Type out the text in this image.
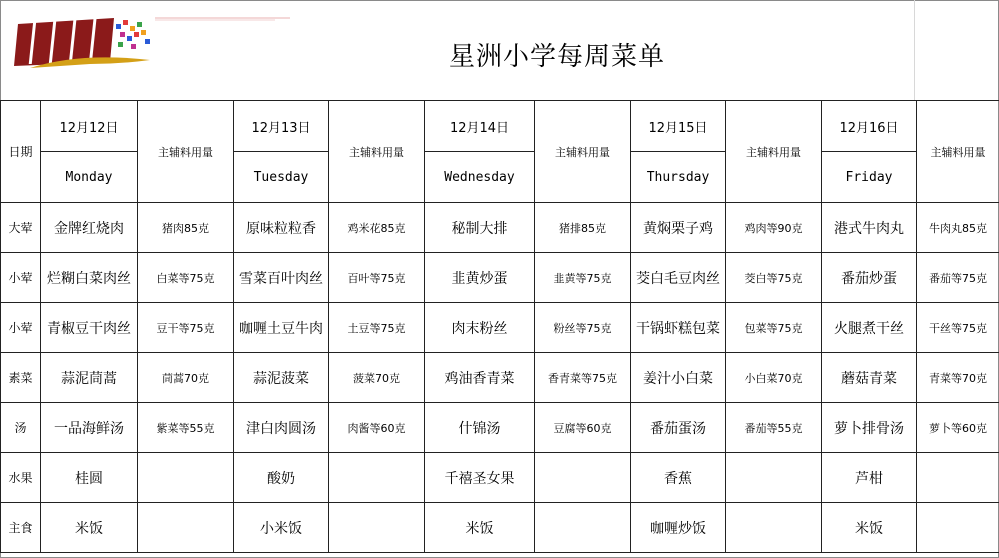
星洲小学每周菜单
日期	12月12日	主辅料用量	12月13日	主辅料用量	12月14日	主辅料用量	12月15日	主辅料用量	12月16日	主辅料用量
	Monday		Tuesday		Wednesday		Thursday		Friday	
大荤	金牌红烧肉	猪肉85克	原味粒粒香	鸡米花85克	秘制大排	猪排85克	黄焖栗子鸡	鸡肉等90克	港式牛肉丸	牛肉丸85克
小荤	烂糊白菜肉丝	白菜等75克	雪菜百叶肉丝	百叶等75克	韭黄炒蛋	韭黄等75克	茭白毛豆肉丝	茭白等75克	番茄炒蛋	番茄等75克
小荤	青椒豆干肉丝	豆干等75克	咖喱土豆牛肉	土豆等75克	肉末粉丝	粉丝等75克	干锅虾糕包菜	包菜等75克	火腿煮干丝	干丝等75克
素菜	蒜泥茼蒿	茼蒿70克	蒜泥菠菜	菠菜70克	鸡油香青菜	香青菜等75克	姜汁小白菜	小白菜70克	蘑菇青菜	青菜等70克
汤	一品海鲜汤	紫菜等55克	津白肉圆汤	肉酱等60克	什锦汤	豆腐等60克	番茄蛋汤	番茄等55克	萝卜排骨汤	萝卜等60克
水果	桂圆		酸奶		千禧圣女果		香蕉		芦柑	
主食	米饭		小米饭		米饭		咖喱炒饭		米饭	
